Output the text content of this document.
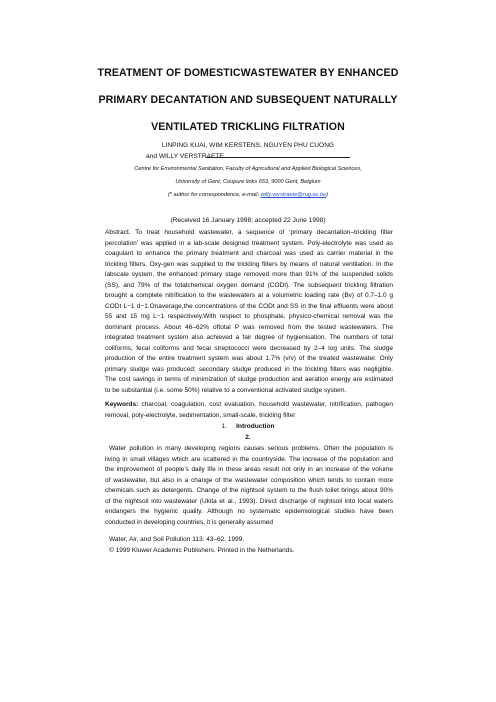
TREATMENT OF DOMESTICWASTEWATER BY ENHANCED
PRIMARY DECANTATION AND SUBSEQUENT NATURALLY
VENTILATED TRICKLING FILTRATION
LINPING KUAI, WIM KERSTENS, NGUYEN PHU CUONG
and WILLY VERSTRAETE
Centre for Environmental Sanitation, Faculty of Agricultural and Applied Biological Sciences,
University of Gent, Coupure links 653, 9000 Gent, Belgium
(* author for correspondence, e-mail: willy.verstraete@rug.ac.be)
(Received 16 January 1998; accepted 22 June 1998)
Abstract. To treat household wastewater, a sequence of ‘primary decantation–trickling filter
percolation’ was applied in a lab-scale designed treatment system. Poly-electrolyte was used as
coagulant to enhance the primary treatment and charcoal was used as carrier material in the
trickling filters. Oxy-gen was supplied to the trickling filters by means of natural ventilation. In the
labscale system, the enhanced primary stage removed more than 91% of the suspended solids
(SS), and 79% of the totalchemical oxygen demand (CODt). The subsequent trickling filtration
brought a complete nitrification to the wastewaters at a volumetric loading rate (Bv) of 0.7–1.0 g
CODt L−1 d−1.Onaverage,the concentrations of the CODt and SS in the final effluents were about
55 and 15 mg L−1 respectively.With respect to phosphate, physico-chemical removal was the
dominant process. About 46–62% oftotal P was removed from the tested wastewaters. The
integrated treatment system also achieved a fair degree of hygienisation. The numbers of total
coliforms, fecal coliforms and fecal streptococci were decreased by 2–4 log units. The sludge
production of the entire treatment system was about 1.7% (v/v) of the treated wastewater. Only
primary sludge was produced; secondary sludge produced in the trickling filters was negligible.
The cost savings in terms of minimization of sludge production and aeration energy are estimated
to be substantial (i.e. some 50%) relative to a conventional activated sludge system.
Keywords: charcoal, coagulation, cost evaluation, household wastewater, nitrification, pathogen
removal, poly-electrolyte, sedimentation, small-scale, trickling filter
1. Introduction
2.
Water pollution in many developing regions causes serious problems. Often the population is
living in small villages which are scattered in the countryside. The increase of the population and
the improvement of people’s daily life in these areas result not only in an increase of the volume
of wastewater, but also in a change of the wastewater composition which tends to contain more
chemicals such as detergents. Change of the nightsoil system to the flush toilet brings about 90%
of the nightsoil into wastewater (Ukita et al., 1993). Direct discharge of nightsoil into local waters
endangers the hygienic quality. Although no systematic epidemiological studies have been
conducted in developing countries, it is generally assumed
Water, Air, and Soil Pollution 113: 43–62, 1999.
© 1999 Kluwer Academic Publishers. Printed in the Netherlands.
